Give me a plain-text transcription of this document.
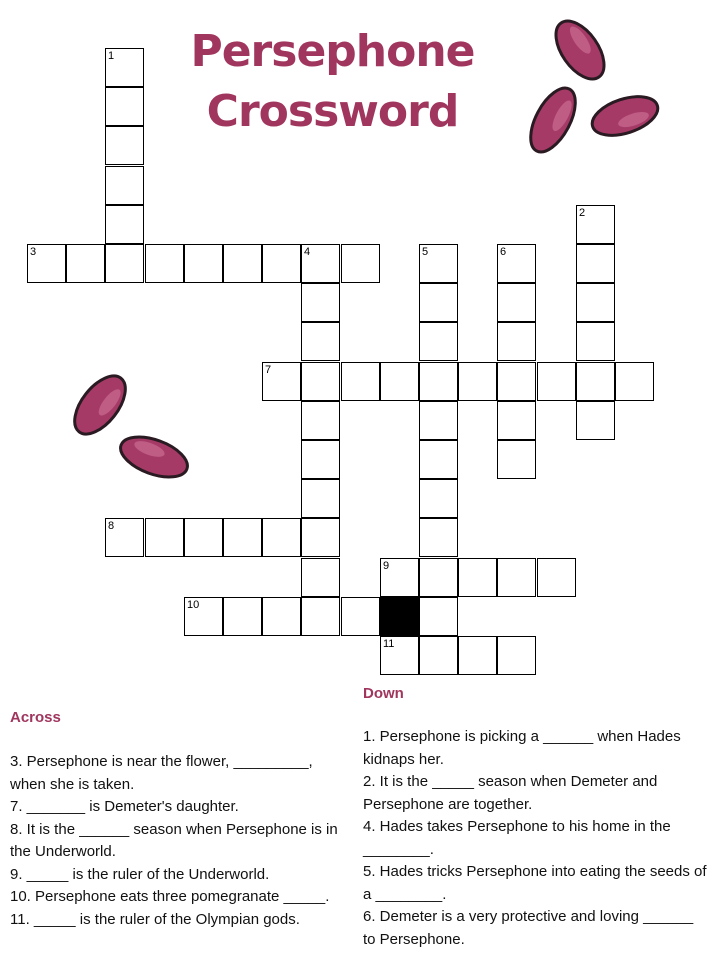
Persephone
Crossword
1
2
3	4	5	6
7
8
9
10
11
Across

3. Persephone is near the flower, _________, when she is taken.

7. _______ is Demeter's daughter.

8. It is the ______ season when Persephone is in the Underworld.

9. _____ is the ruler of the Underworld.

10. Persephone eats three pomegranate _____.

11. _____ is the ruler of the Olympian gods.

Down

1. Persephone is picking a ______ when Hades kidnaps her.

2. It is the _____ season when Demeter and Persephone are together.

4. Hades takes Persephone to his home in the ________.

5. Hades tricks Persephone into eating the seeds of a ________.

6. Demeter is a very protective and loving ______ to Persephone.
